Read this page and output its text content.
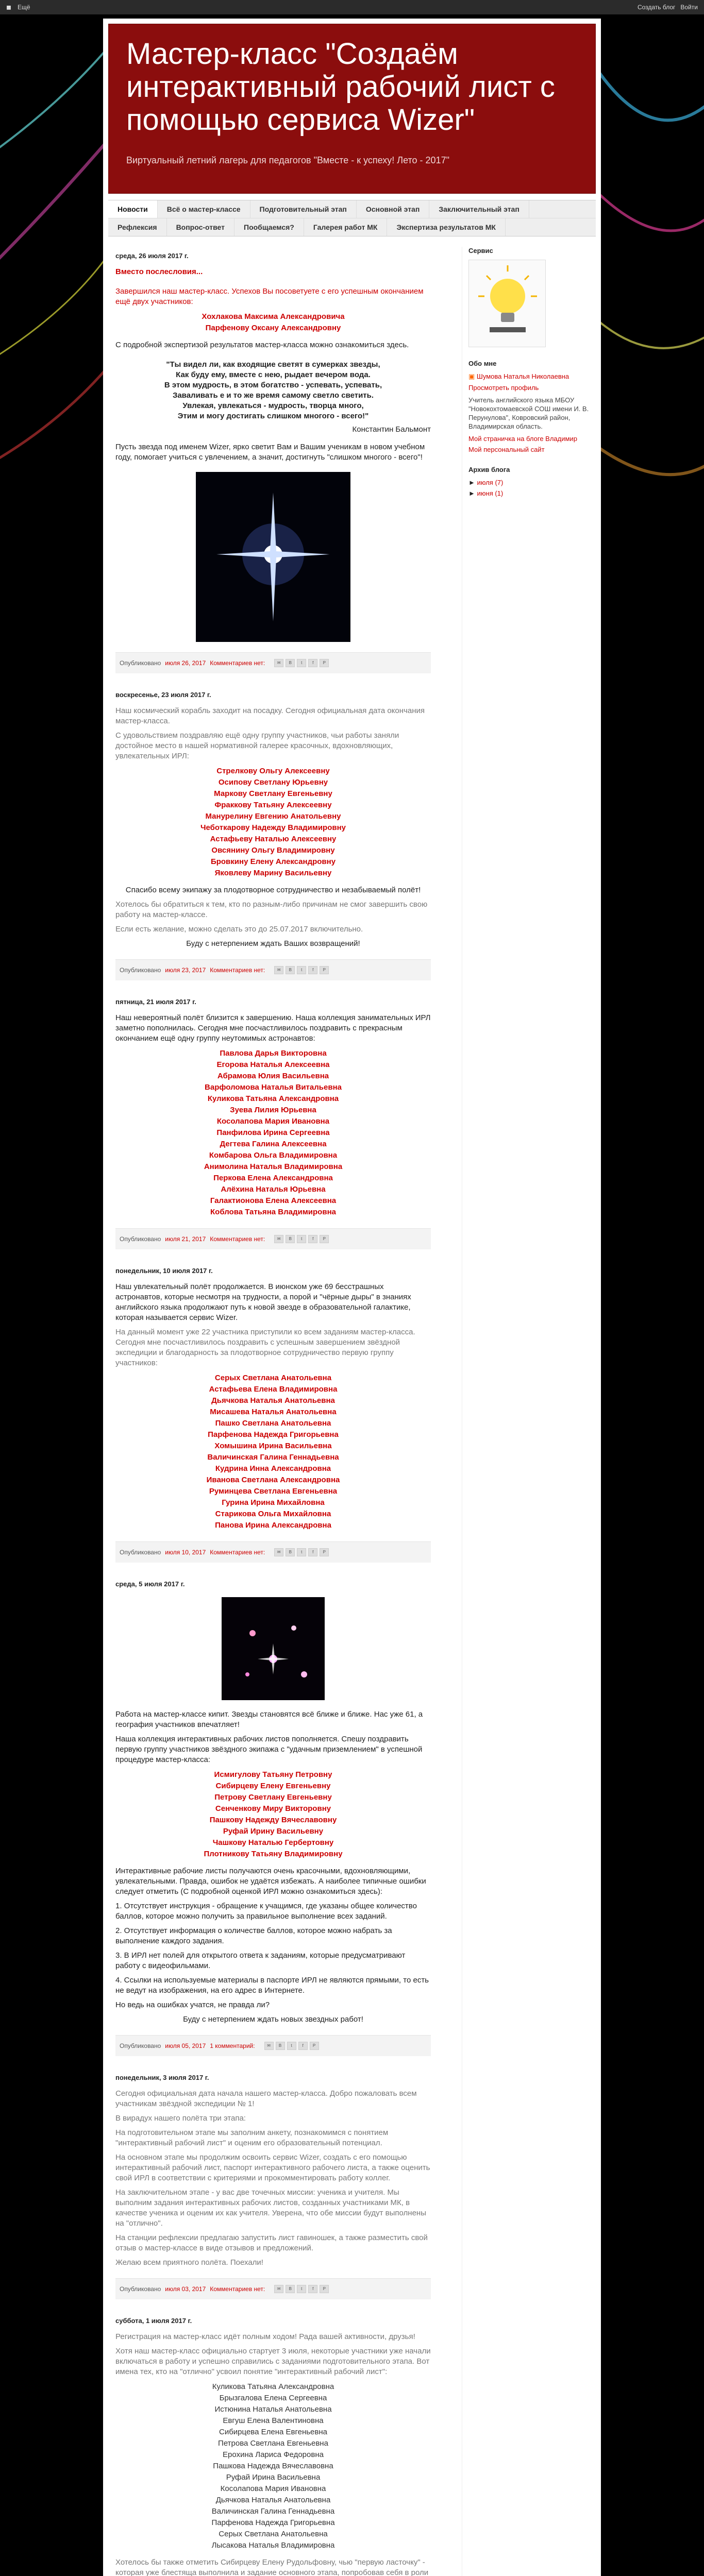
◼ Ещё	Создать блог Войти
Мастер-класс "Создаём интерактивный рабочий лист с помощью сервиса Wizer"
Виртуальный летний лагерь для педагогов "Вместе - к успеху! Лето - 2017"
Новости	Всё о мастер-классе	Подготовительный этап	Основной этап	Заключительный этап
Рефлексия	Вопрос-ответ	Пообщаемся?	Галерея работ МК	Экспертиза результатов МК
среда, 26 июля 2017 г.
Вместо послесловия...
Завершился наш мастер-класс. Успехов Вы посоветуете с его успешным окончанием ещё двух участников:
Хохлакова Максима Александровича
Парфенову Оксану Александровну
С подробной экспертизой результатов мастер-класса можно ознакомиться здесь.
"Ты видел ли, как входящие светят в сумерках звезды,
Как буду ему, вместе с нею, рыдает вечером вода.
В этом мудрость, в этом богатство - успевать, успевать,
Заваливать е и то же время самому светло светить.
Увлекая, увлекаться - мудрость, творца много,
Этим и могу достигать слишком многого - всего!"
Константин Бальмонт
Пусть звезда под именем Wizer, ярко светит Вам и Вашим ученикам в новом учебном году, помогает учиться с увлечением, а значит, достигнуть "слишком многого - всего"!
Опубликовано июля 26, 2017 Комментариев нет:	✉	B	t	f	P
воскресенье, 23 июля 2017 г.
Наш космический корабль заходит на посадку. Сегодня официальная дата окончания мастер-класса.
С удовольствием поздравляю ещё одну группу участников, чьи работы заняли достойное место в нашей нормативной галерее красочных, вдохновляющих, увлекательных ИРЛ:
Стрелкову Ольгу Алексеевну
Осипову Светлану Юрьевну
Маркову Светлану Евгеньевну
Фраккову Татьяну Алексеевну
Манурелину Евгению Анатольевну
Чеботкарову Надежду Владимировну
Астафьеву Наталью Алексеевну
Овсянину Ольгу Владимировну
Бровкину Елену Александровну
Яковлеву Марину Васильевну
Спасибо всему экипажу за плодотворное сотрудничество и незабываемый полёт!
Хотелось бы обратиться к тем, кто по разным-либо причинам не смог завершить свою работу на мастер-классе.
Если есть желание, можно сделать это до 25.07.2017 включительно.
Буду с нетерпением ждать Ваших возвращений!
Опубликовано июля 23, 2017 Комментариев нет:	✉	B	t	f	P
пятница, 21 июля 2017 г.
Наш невероятный полёт близится к завершению. Наша коллекция занимательных ИРЛ заметно пополнилась. Сегодня мне посчастливилось поздравить с прекрасным окончанием ещё одну группу неутомимых астронавтов:
Павлова Дарья Викторовна
Егорова Наталья Алексеевна
Абрамова Юлия Васильевна
Варфоломова Наталья Витальевна
Куликова Татьяна Александровна
Зуева Лилия Юрьевна
Косолапова Мария Ивановна
Панфилова Ирина Сергеевна
Дегтева Галина Алексеевна
Комбарова Ольга Владимировна
Анимолина Наталья Владимировна
Перкова Елена Александровна
Алёхина Наталья Юрьевна
Галактионова Елена Алексеевна
Коблова Татьяна Владимировна
Опубликовано июля 21, 2017 Комментариев нет:	✉	B	t	f	P
понедельник, 10 июля 2017 г.
Наш увлекательный полёт продолжается. В июнском уже 69 бесстрашных астронавтов, которые несмотря на трудности, а порой и "чёрные дыры" в знаниях английского языка продолжают путь к новой звезде в образовательной галактике, которая называется сервис Wizer.
На данный момент уже 22 участника приступили ко всем заданиям мастер-класса. Сегодня мне посчастливилось поздравить с успешным завершением звёздной экспедиции и благодарность за плодотворное сотрудничество первую группу участников:
Серых Светлана Анатольевна
Астафьева Елена Владимировна
Дьячкова Наталья Анатольевна
Мисашева Наталья Анатольевна
Пашко Светлана Анатольевна
Парфенова Надежда Григорьевна
Хомышина Ирина Васильевна
Валичинская Галина Геннадьевна
Кудрина Инна Александровна
Иванова Светлана Александровна
Руминцева Светлана Евгеньевна
Гурина Ирина Михайловна
Старикова Ольга Михайловна
Панова Ирина Александровна
Опубликовано июля 10, 2017 Комментариев нет:	✉	B	t	f	P
среда, 5 июля 2017 г.
Работа на мастер-классе кипит. Звезды становятся всё ближе и ближе. Нас уже 61, а география участников впечатляет!
Наша коллекция интерактивных рабочих листов пополняется. Спешу поздравить первую группу участников звёздного экипажа с "удачным приземлением" в успешной процедуре мастер-класса:
Исмигулову Татьяну Петровну
Сибирцеву Елену Евгеньевну
Петрову Светлану Евгеньевну
Сенченкову Миру Викторовну
Пашкову Надежду Вячеславовну
Руфай Ирину Васильевну
Чашкову Наталью Гербертовну
Плотникову Татьяну Владимировну
Интерактивные рабочие листы получаются очень красочными, вдохновляющими, увлекательными. Правда, ошибок не удаётся избежать. А наиболее типичные ошибки следует отметить (С подробной оценкой ИРЛ можно ознакомиться здесь):
1. Отсутствует инструкция - обращение к учащимся, где указаны общее количество баллов, которое можно получить за правильное выполнение всех заданий.
2. Отсутствует информация о количестве баллов, которое можно набрать за выполнение каждого задания.
3. В ИРЛ нет полей для открытого ответа к заданиям, которые предусматривают работу с видеофильмами.
4. Ссылки на используемые материалы в паспорте ИРЛ не являются прямыми, то есть не ведут на изображения, на его адрес в Интернете.
Но ведь на ошибках учатся, не правда ли?
Буду с нетерпением ждать новых звездных работ!
Опубликовано июля 05, 2017 1 комментарий:	✉	B	t	f	P
понедельник, 3 июля 2017 г.
Сегодня официальная дата начала нашего мастер-класса. Добро пожаловать всем участникам звёздной экспедиции № 1!
В вирадух нашего полёта три этапа:
На подготовительном этапе мы заполним анкету, познакомимся с понятием "интерактивный рабочий лист" и оценим его образовательный потенциал.
На основном этапе мы продолжим освоить сервис Wizer, создать с его помощью интерактивный рабочий лист, паспорт интерактивного рабочего листа, а также оценить свой ИРЛ в соответствии с критериями и прокомментировать работу коллег.
На заключительном этапе - у вас две точечных миссии: ученика и учителя. Мы выполним задания интерактивных рабочих листов, созданных участниками МК, в качестве ученика и оценим их как учителя. Уверена, что обе миссии будут выполнены на "отлично".
На станции рефлексии предлагаю запустить лист гавиношек, а также разместить свой отзыв о мастер-классе в виде отзывов и предложений.
Желаю всем приятного полёта. Поехали!
Опубликовано июля 03, 2017 Комментариев нет:	✉	B	t	f	P
суббота, 1 июля 2017 г.
Регистрация на мастер-класс идёт полным ходом! Рада вашей активности, друзья!
Хотя наш мастер-класс официально стартует 3 июля, некоторые участники уже начали включаться в работу и успешно справились с заданиями подготовительного этапа. Вот имена тех, кто на "отлично" усвоил понятие "интерактивный рабочий лист":
Куликова Татьяна Александровна
Брызгалова Елена Сергеевна
Истюнина Наталья Анатольевна
Евгуш Елена Валентиновна
Сибирцева Елена Евгеньевна
Петрова Светлана Евгеньевна
Ерохина Лариса Федоровна
Пашкова Надежда Вячеславовна
Руфай Ирина Васильевна
Косолапова Мария Ивановна
Дьячкова Наталья Анатольевна
Валичинская Галина Геннадьевна
Парфенова Надежда Григорьевна
Серых Светлана Анатольевна
Лысакова Наталья Владимировна
Хотелось бы также отметить Сибирцеву Елену Рудольфовну, чью "первую ласточку" - которая уже блестяща выполнила и задание основного этапа, попробовав себя в роли
Сервис
Обо мне
▣ Шумова Наталья Николаевна
Просмотреть профиль
Учитель английского языка МБОУ "Новокохтомаевской СОШ имени И. В. Перунулова", Ковровский район, Владимирская область.
Мой страничка на блоге Владимир
Мой персональный сайт
Архив блога
► июля (7)
► июня (1)
